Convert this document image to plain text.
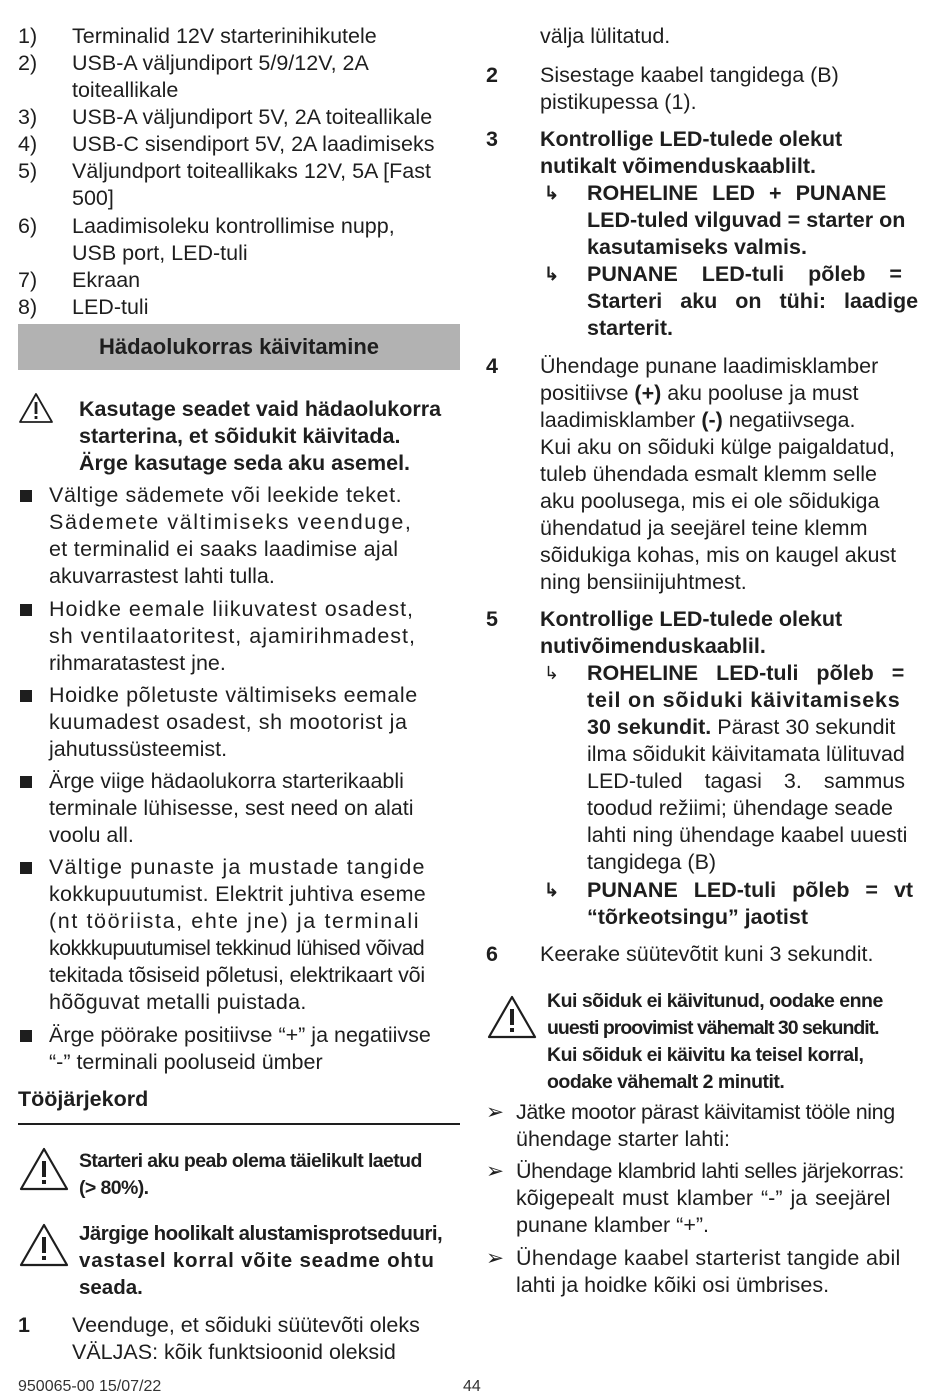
1) Terminalid 12V starterinihikutele
2) USB-A väljundiport 5/9/12V, 2A
toiteallikale
3) USB-A väljundiport 5V, 2A toiteallikale
4) USB-C sisendiport 5V, 2A laadimiseks
5) Väljundport toiteallikaks 12V, 5A [Fast
500]
6) Laadimisoleku kontrollimise nupp,
USB port, LED-tuli
7) Ekraan
8) LED-tuli
Hädaolukorras käivitamine
Kasutage seadet vaid hädaolukorra
starterina, et sõidukit käivitada.
Ärge kasutage seda aku asemel.
Vältige sädemete või leekide teket.
Sädemete vältimiseks veenduge,
et terminalid ei saaks laadimise ajal
akuvarrastest lahti tulla.
Hoidke eemale liikuvatest osadest,
sh ventilaatoritest, ajamirihmadest,
rihmaratastest jne.
Hoidke põletuste vältimiseks eemale
kuumadest osadest, sh mootorist ja
jahutussüsteemist.
Ärge viige hädaolukorra starterikaabli
terminale lühisesse, sest need on alati
voolu all.
Vältige punaste ja mustade tangide
kokkupuutumist. Elektrit juhtiva eseme
(nt tööriista, ehte jne) ja terminali
kokkkupuutumisel tekkinud lühised võivad
tekitada tõsiseid põletusi, elektrikaart või
hõõguvat metalli puistada.
Ärge pöörake positiivse “+” ja negatiivse
“-” terminali pooluseid ümber
Tööjärjekord
Starteri aku peab olema täielikult laetud
(> 80%).
Järgige hoolikalt alustamisprotseduuri,
vastasel korral võite seadme ohtu
seada.
1 Veenduge, et sõiduki süütevõti oleks
VÄLJAS: kõik funktsioonid oleksid
välja lülitatud.
2 Sisestage kaabel tangidega (B)
pistikupessa (1).
3 Kontrollige LED-tulede olekut
nutikalt võimenduskaablilt.
↳ ROHELINE LED + PUNANE
LED-tuled vilguvad = starter on
kasutamiseks valmis.
↳ PUNANE LED-tuli põleb =
Starteri aku on tühi: laadige
starterit.
4 Ühendage punane laadimisklamber
positiivse (+) aku pooluse ja must
laadimisklamber (-) negatiivsega.
Kui aku on sõiduki külge paigaldatud,
tuleb ühendada esmalt klemm selle
aku poolusega, mis ei ole sõidukiga
ühendatud ja seejärel teine klemm
sõidukiga kohas, mis on kaugel akust
ning bensiinijuhtmest.
5 Kontrollige LED-tulede olekut
nutivõimenduskaablil.
↳ ROHELINE LED-tuli põleb =
teil on sõiduki käivitamiseks
30 sekundit. Pärast 30 sekundit
ilma sõidukit käivitamata lülituvad
LED-tuled tagasi 3. sammus
toodud režiimi; ühendage seade
lahti ning ühendage kaabel uuesti
tangidega (B)
↳ PUNANE LED-tuli põleb = vt
“tõrkeotsingu” jaotist
6 Keerake süütevõtit kuni 3 sekundit.
Kui sõiduk ei käivitunud, oodake enne
uuesti proovimist vähemalt 30 sekundit.
Kui sõiduk ei käivitu ka teisel korral,
oodake vähemalt 2 minutit.
➢ Jätke mootor pärast käivitamist tööle ning
ühendage starter lahti:
➢ Ühendage klambrid lahti selles järjekorras:
kõigepealt must klamber “-” ja seejärel
punane klamber “+”.
➢ Ühendage kaabel starterist tangide abil
lahti ja hoidke kõiki osi ümbrises.
950065-00 15/07/22	44
